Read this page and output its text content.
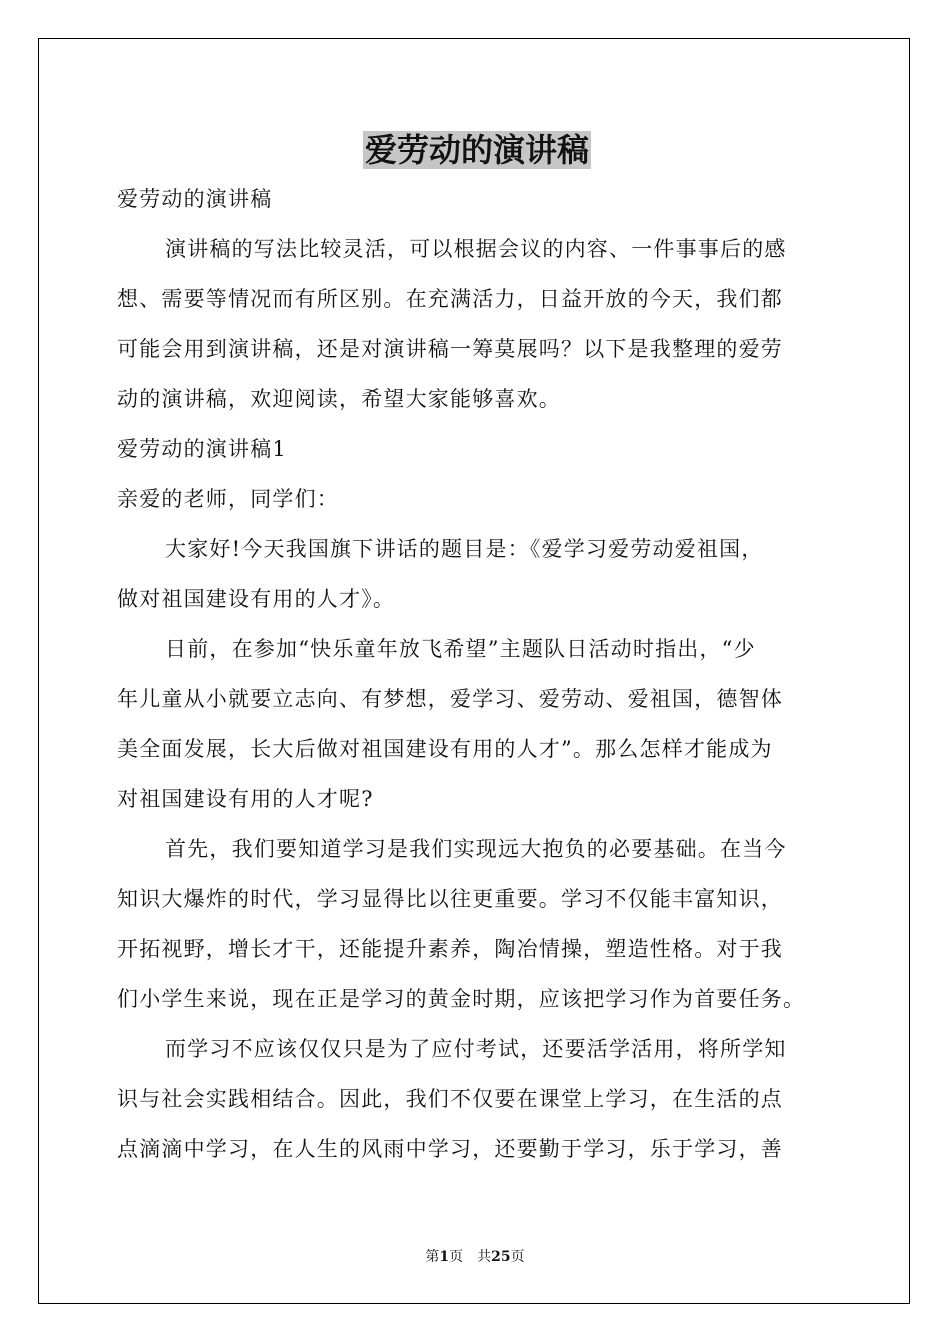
爱劳动的演讲稿
爱劳动的演讲稿
演讲稿的写法比较灵活，可以根据会议的内容、一件事事后的感
想、需要等情况而有所区别。在充满活力，日益开放的今天，我们都
可能会用到演讲稿，还是对演讲稿一筹莫展吗？以下是我整理的爱劳
动的演讲稿，欢迎阅读，希望大家能够喜欢。
爱劳动的演讲稿1
亲爱的老师，同学们：
大家好!今天我国旗下讲话的题目是：《爱学习爱劳动爱祖国，
做对祖国建设有用的人才》。
日前，在参加“快乐童年放飞希望”主题队日活动时指出，“少
年儿童从小就要立志向、有梦想，爱学习、爱劳动、爱祖国，德智体
美全面发展，长大后做对祖国建设有用的人才”。那么怎样才能成为
对祖国建设有用的人才呢?
首先，我们要知道学习是我们实现远大抱负的必要基础。在当今
知识大爆炸的时代，学习显得比以往更重要。学习不仅能丰富知识，
开拓视野，增长才干，还能提升素养，陶冶情操，塑造性格。对于我
们小学生来说，现在正是学习的黄金时期，应该把学习作为首要任务。
而学习不应该仅仅只是为了应付考试，还要活学活用，将所学知
识与社会实践相结合。因此，我们不仅要在课堂上学习，在生活的点
点滴滴中学习，在人生的风雨中学习，还要勤于学习，乐于学习，善
第1页　共25页
